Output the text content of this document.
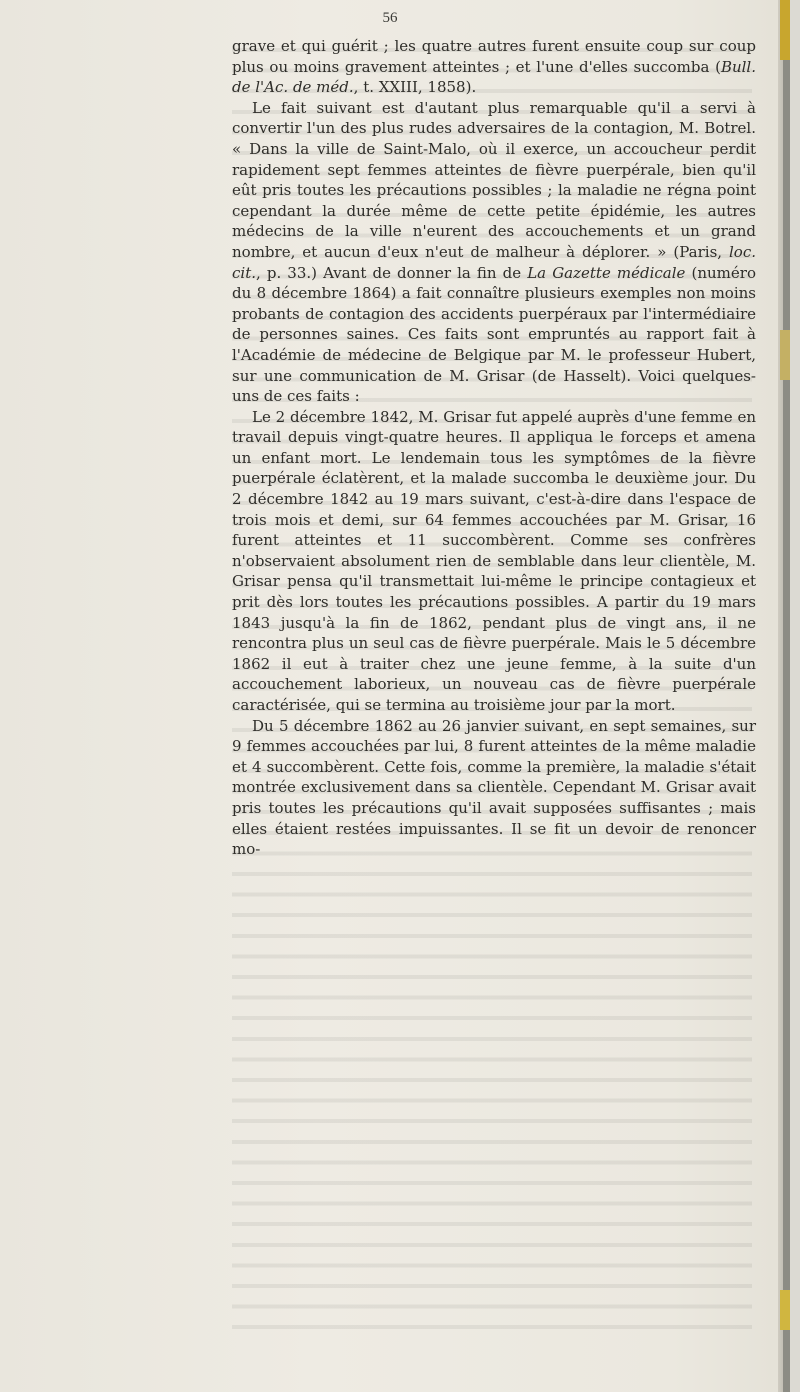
56

grave et qui guérit ; les quatre autres furent ensuite coup sur coup plus ou moins gravement atteintes ; et l'une d'elles succomba (Bull. de l'Ac. de méd., t. XXIII, 1858).

Le fait suivant est d'autant plus remarquable qu'il a servi à convertir l'un des plus rudes adversaires de la contagion, M. Botrel. « Dans la ville de Saint-Malo, où il exerce, un accoucheur perdit rapidement sept femmes atteintes de fièvre puerpérale, bien qu'il eût pris toutes les précautions possibles ; la maladie ne régna point cependant la durée même de cette petite épidémie, les autres médecins de la ville n'eurent des accouchements et un grand nombre, et aucun d'eux n'eut de malheur à déplorer. » (Paris, loc. cit., p. 33.) Avant de donner la fin de La Gazette médicale (numéro du 8 décembre 1864) a fait connaître plusieurs exemples non moins probants de contagion des accidents puerpéraux par l'intermédiaire de personnes saines. Ces faits sont empruntés au rapport fait à l'Académie de médecine de Belgique par M. le professeur Hubert, sur une communication de M. Grisar (de Hasselt). Voici quelques-uns de ces faits :

Le 2 décembre 1842, M. Grisar fut appelé auprès d'une femme en travail depuis vingt-quatre heures. Il appliqua le forceps et amena un enfant mort. Le lendemain tous les symptômes de la fièvre puerpérale éclatèrent, et la malade succomba le deuxième jour. Du 2 décembre 1842 au 19 mars suivant, c'est-à-dire dans l'espace de trois mois et demi, sur 64 femmes accouchées par M. Grisar, 16 furent atteintes et 11 succombèrent. Comme ses confrères n'observaient absolument rien de semblable dans leur clientèle, M. Grisar pensa qu'il transmettait lui-même le principe contagieux et prit dès lors toutes les précautions possibles. A partir du 19 mars 1843 jusqu'à la fin de 1862, pendant plus de vingt ans, il ne rencontra plus un seul cas de fièvre puerpérale. Mais le 5 décembre 1862 il eut à traiter chez une jeune femme, à la suite d'un accouchement laborieux, un nouveau cas de fièvre puerpérale caractérisée, qui se termina au troisième jour par la mort.

Du 5 décembre 1862 au 26 janvier suivant, en sept semaines, sur 9 femmes accouchées par lui, 8 furent atteintes de la même maladie et 4 succombèrent. Cette fois, comme la première, la maladie s'était montrée exclusivement dans sa clientèle. Cependant M. Grisar avait pris toutes les précautions qu'il avait supposées suffisantes ; mais elles étaient restées impuissantes. Il se fit un devoir de renoncer mo-
